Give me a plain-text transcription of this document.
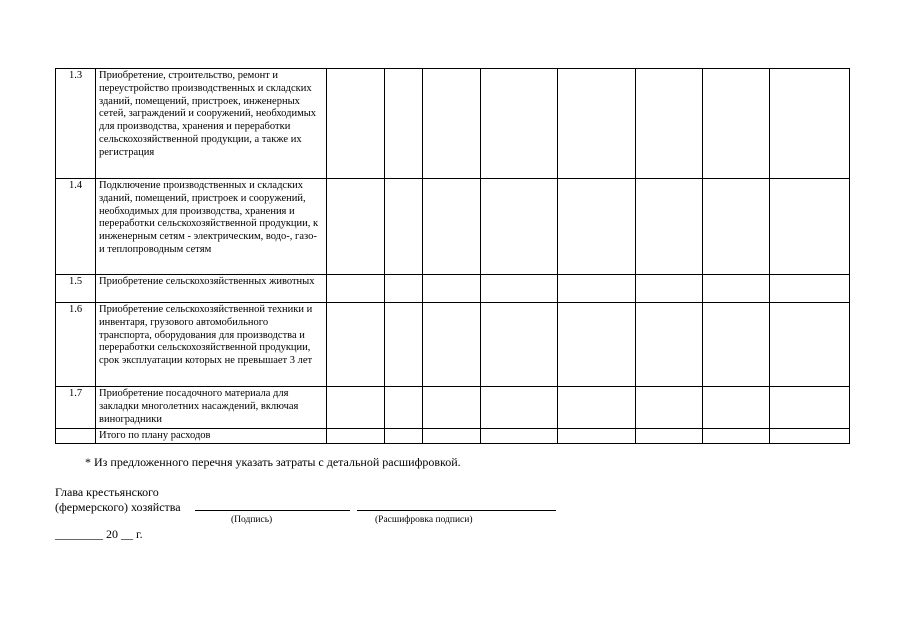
1.3	Приобретение, строительство, ремонт и переустройство производственных и складских зданий, помещений, пристроек, инженерных сетей, заграждений и сооружений, необходимых для производства, хранения и переработки сельскохозяйственной продукции, а также их регистрация								
1.4	Подключение производственных и складских зданий, помещений, пристроек и сооружений, необходимых для производства, хранения и переработки сельскохозяйственной продукции, к инженерным сетям - электрическим, водо-, газо- и теплопроводным сетям								
1.5	Приобретение сельскохозяйственных животных								
1.6	Приобретение сельскохозяйственной техники и инвентаря, грузового автомобильного транспорта, оборудования для производства и переработки сельскохозяйственной продукции, срок эксплуатации которых не превышает 3 лет								
1.7	Приобретение посадочного материала для закладки многолетних насаждений, включая виноградники								
	Итого по плану расходов								
* Из предложенного перечня указать затраты с детальной расшифровкой.
Глава крестьянского
(фермерского) хозяйства
(Подпись)	(Расшифровка подписи)
________ 20 __ г.
